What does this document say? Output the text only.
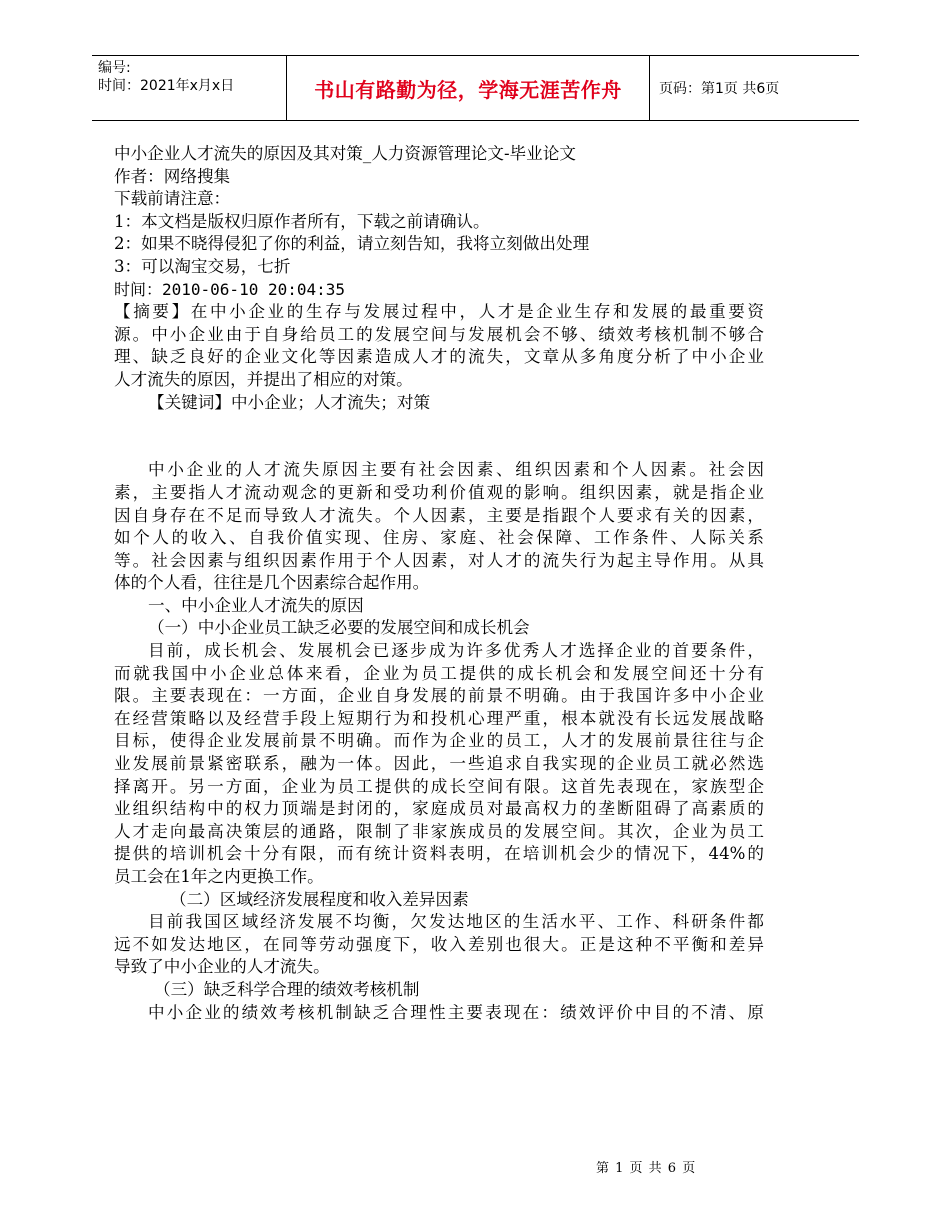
编号:
时间：2021年x月x日	书山有路勤为径，学海无涯苦作舟	页码：第1页 共6页
中小企业人才流失的原因及其对策_人力资源管理论文-毕业论文
作者：网络搜集
下载前请注意：
1：本文档是版权归原作者所有，下载之前请确认。
2：如果不晓得侵犯了你的利益，请立刻告知，我将立刻做出处理
3：可以淘宝交易，七折
时间：2010-06-10 20:04:35
【摘要】在中小企业的生存与发展过程中，人才是企业生存和发展的最重要资
源。中小企业由于自身给员工的发展空间与发展机会不够、绩效考核机制不够合
理、缺乏良好的企业文化等因素造成人才的流失，文章从多角度分析了中小企业
人才流失的原因，并提出了相应的对策。
【关键词】中小企业；人才流失；对策
中小企业的人才流失原因主要有社会因素、组织因素和个人因素。社会因
素，主要指人才流动观念的更新和受功利价值观的影响。组织因素，就是指企业
因自身存在不足而导致人才流失。个人因素，主要是指跟个人要求有关的因素，
如个人的收入、自我价值实现、住房、家庭、社会保障、工作条件、人际关系
等。社会因素与组织因素作用于个人因素，对人才的流失行为起主导作用。从具
体的个人看，往往是几个因素综合起作用。
一、中小企业人才流失的原因
（一）中小企业员工缺乏必要的发展空间和成长机会
目前，成长机会、发展机会已逐步成为许多优秀人才选择企业的首要条件，
而就我国中小企业总体来看，企业为员工提供的成长机会和发展空间还十分有
限。主要表现在：一方面，企业自身发展的前景不明确。由于我国许多中小企业
在经营策略以及经营手段上短期行为和投机心理严重，根本就没有长远发展战略
目标，使得企业发展前景不明确。而作为企业的员工，人才的发展前景往往与企
业发展前景紧密联系，融为一体。因此，一些追求自我实现的企业员工就必然选
择离开。另一方面，企业为员工提供的成长空间有限。这首先表现在，家族型企
业组织结构中的权力顶端是封闭的，家庭成员对最高权力的垄断阻碍了高素质的
人才走向最高决策层的通路，限制了非家族成员的发展空间。其次，企业为员工
提供的培训机会十分有限，而有统计资料表明，在培训机会少的情况下，44%的
员工会在1年之内更换工作。
（二）区域经济发展程度和收入差异因素
目前我国区域经济发展不均衡，欠发达地区的生活水平、工作、科研条件都
远不如发达地区，在同等劳动强度下，收入差别也很大。正是这种不平衡和差异
导致了中小企业的人才流失。
（三）缺乏科学合理的绩效考核机制
中小企业的绩效考核机制缺乏合理性主要表现在：绩效评价中目的不清、原
第 1 页 共 6 页
